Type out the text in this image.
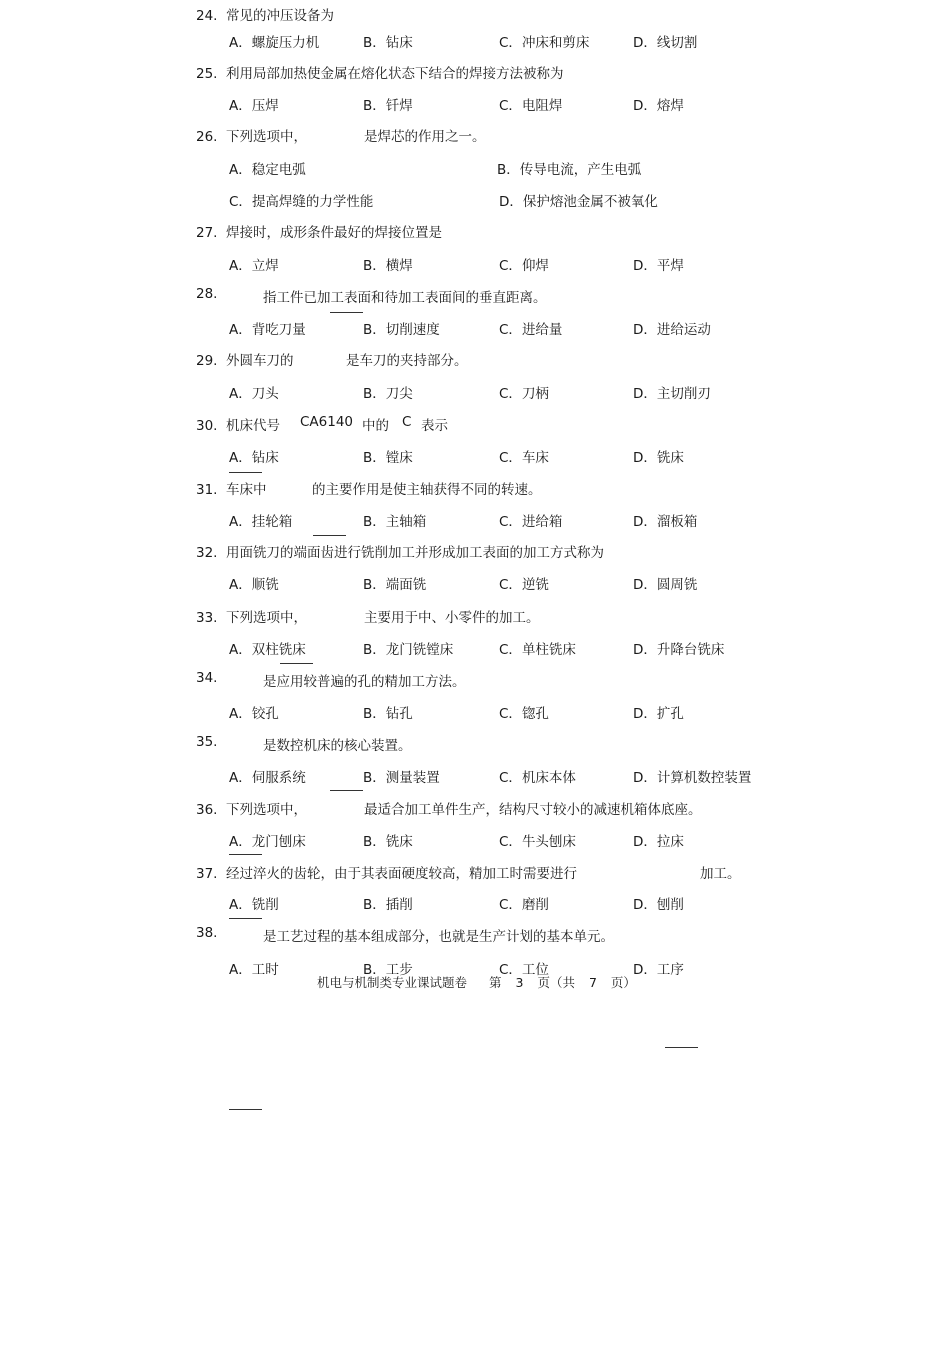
24. 常见的冲压设备为
A．螺旋压力机	B．钻床	C．冲床和剪床	D．线切割
25. 利用局部加热使金属在熔化状态下结合的焊接方法被称为
A．压焊	B．钎焊	C．电阻焊	D．熔焊
26. 下列选项中，	是焊芯的作用之一。
A．稳定电弧	B．传导电流，产生电弧
C．提高焊缝的力学性能	D．保护熔池金属不被氧化
27. 焊接时，成形条件最好的焊接位置是
A．立焊	B．横焊	C．仰焊	D．平焊
28.	指工件已加工表面和待加工表面间的垂直距离。
A．背吃刀量	B．切削速度	C．进给量	D．进给运动
29. 外圆车刀的	是车刀的夹持部分。
A．刀头	B．刀尖	C．刀柄	D．主切削刃
30. 机床代号 CA6140 中的 C 表示
A．钻床	B．镗床	C．车床	D．铣床
31. 车床中	的主要作用是使主轴获得不同的转速。
A．挂轮箱	B．主轴箱	C．进给箱	D．溜板箱
32. 用面铣刀的端面齿进行铣削加工并形成加工表面的加工方式称为
A．顺铣	B．端面铣	C．逆铣	D．圆周铣
33. 下列选项中，	主要用于中、小零件的加工。
A．双柱铣床	B．龙门铣镗床	C．单柱铣床	D．升降台铣床
34.	是应用较普遍的孔的精加工方法。
A．铰孔	B．钻孔	C．锪孔	D．扩孔
35.	是数控机床的核心装置。
A．伺服系统	B．测量装置	C．机床本体	D．计算机数控装置
36. 下列选项中，	最适合加工单件生产，结构尺寸较小的减速机箱体底座。
A．龙门刨床	B．铣床	C．牛头刨床	D．拉床
37. 经过淬火的齿轮，由于其表面硬度较高，精加工时需要进行	加工。
A．铣削	B．插削	C．磨削	D．刨削
38.	是工艺过程的基本组成部分，也就是生产计划的基本单元。
A．工时	B．工步	C．工位	D．工序
机电与机制类专业课试题卷 第 3 页（共 7 页）
